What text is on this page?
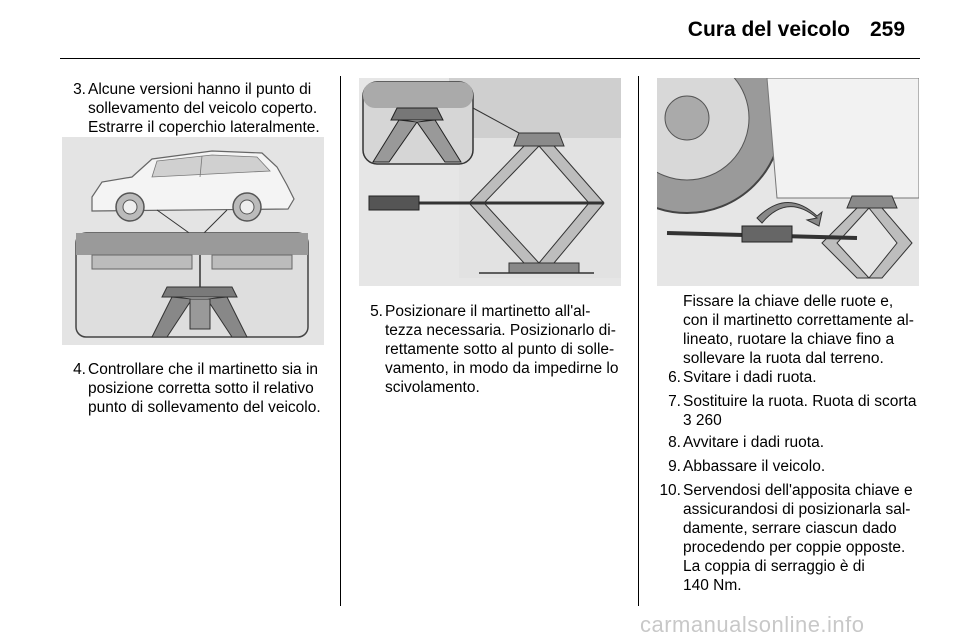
Cura del veicolo 259
3. Alcune versioni hanno il punto di
sollevamento del veicolo coperto.
Estrarre il coperchio lateralmente.
4. Controllare che il martinetto sia in
posizione corretta sotto il relativo
punto di sollevamento del veicolo.
5. Posizionare il martinetto all'al-
tezza necessaria. Posizionarlo di-
rettamente sotto al punto di solle-
vamento, in modo da impedirne lo
scivolamento.
Fissare la chiave delle ruote e,
con il martinetto correttamente al-
lineato, ruotare la chiave fino a
sollevare la ruota dal terreno.
6. Svitare i dadi ruota.
7. Sostituire la ruota. Ruota di scorta
3 260
8. Avvitare i dadi ruota.
9. Abbassare il veicolo.
10. Servendosi dell'apposita chiave e
assicurandosi di posizionarla sal-
damente, serrare ciascun dado
procedendo per coppie opposte.
La coppia di serraggio è di
140 Nm.
carmanualsonline.info
